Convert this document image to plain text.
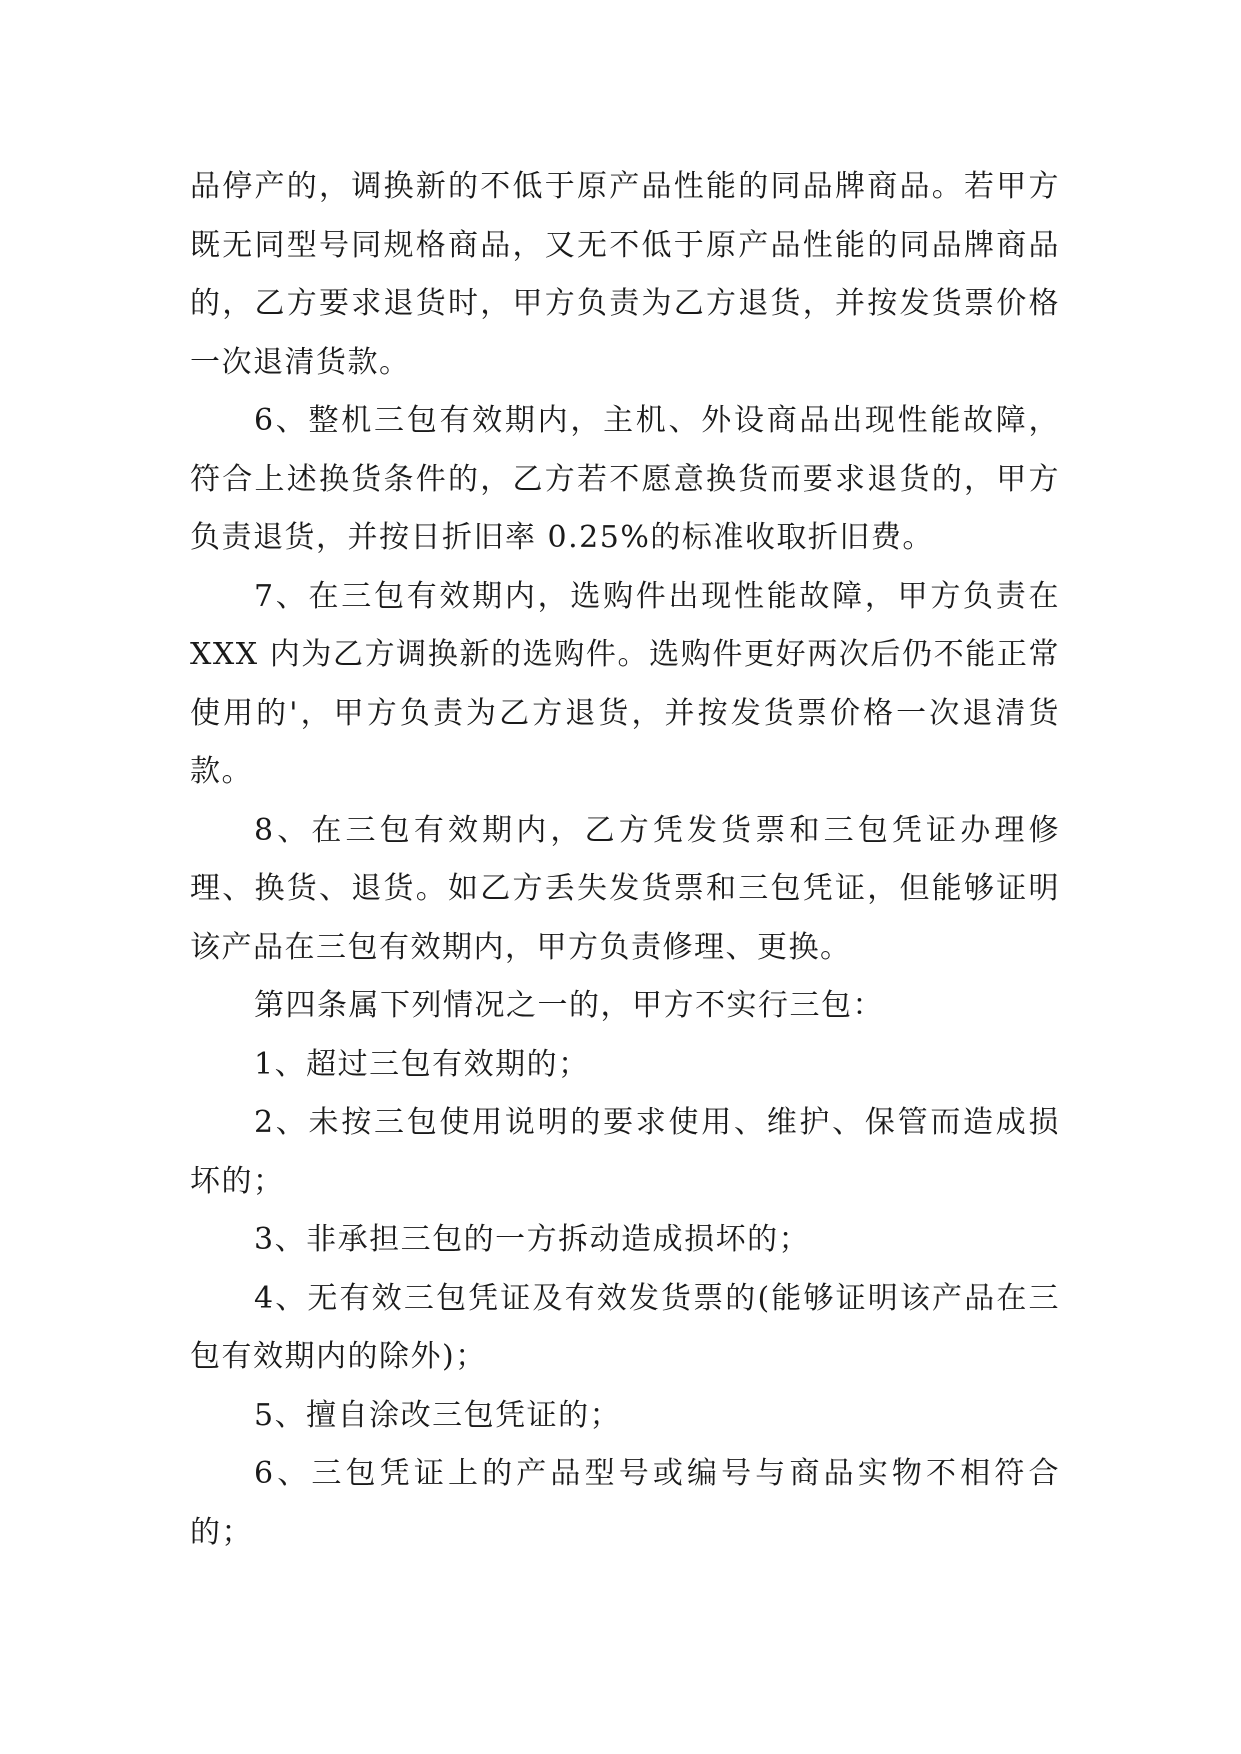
品停产的，调换新的不低于原产品性能的同品牌商品。若甲方既无同型号同规格商品，又无不低于原产品性能的同品牌商品的，乙方要求退货时，甲方负责为乙方退货，并按发货票价格一次退清货款。

6、整机三包有效期内，主机、外设商品出现性能故障，符合上述换货条件的，乙方若不愿意换货而要求退货的，甲方负责退货，并按日折旧率 0.25%的标准收取折旧费。

7、在三包有效期内，选购件出现性能故障，甲方负责在 XXX 内为乙方调换新的选购件。选购件更好两次后仍不能正常使用的'，甲方负责为乙方退货，并按发货票价格一次退清货款。

8、在三包有效期内，乙方凭发货票和三包凭证办理修理、换货、退货。如乙方丢失发货票和三包凭证，但能够证明该产品在三包有效期内，甲方负责修理、更换。

第四条属下列情况之一的，甲方不实行三包：

1、超过三包有效期的；

2、未按三包使用说明的要求使用、维护、保管而造成损坏的；

3、非承担三包的一方拆动造成损坏的；

4、无有效三包凭证及有效发货票的(能够证明该产品在三包有效期内的除外)；

5、擅自涂改三包凭证的；

6、三包凭证上的产品型号或编号与商品实物不相符合的；
